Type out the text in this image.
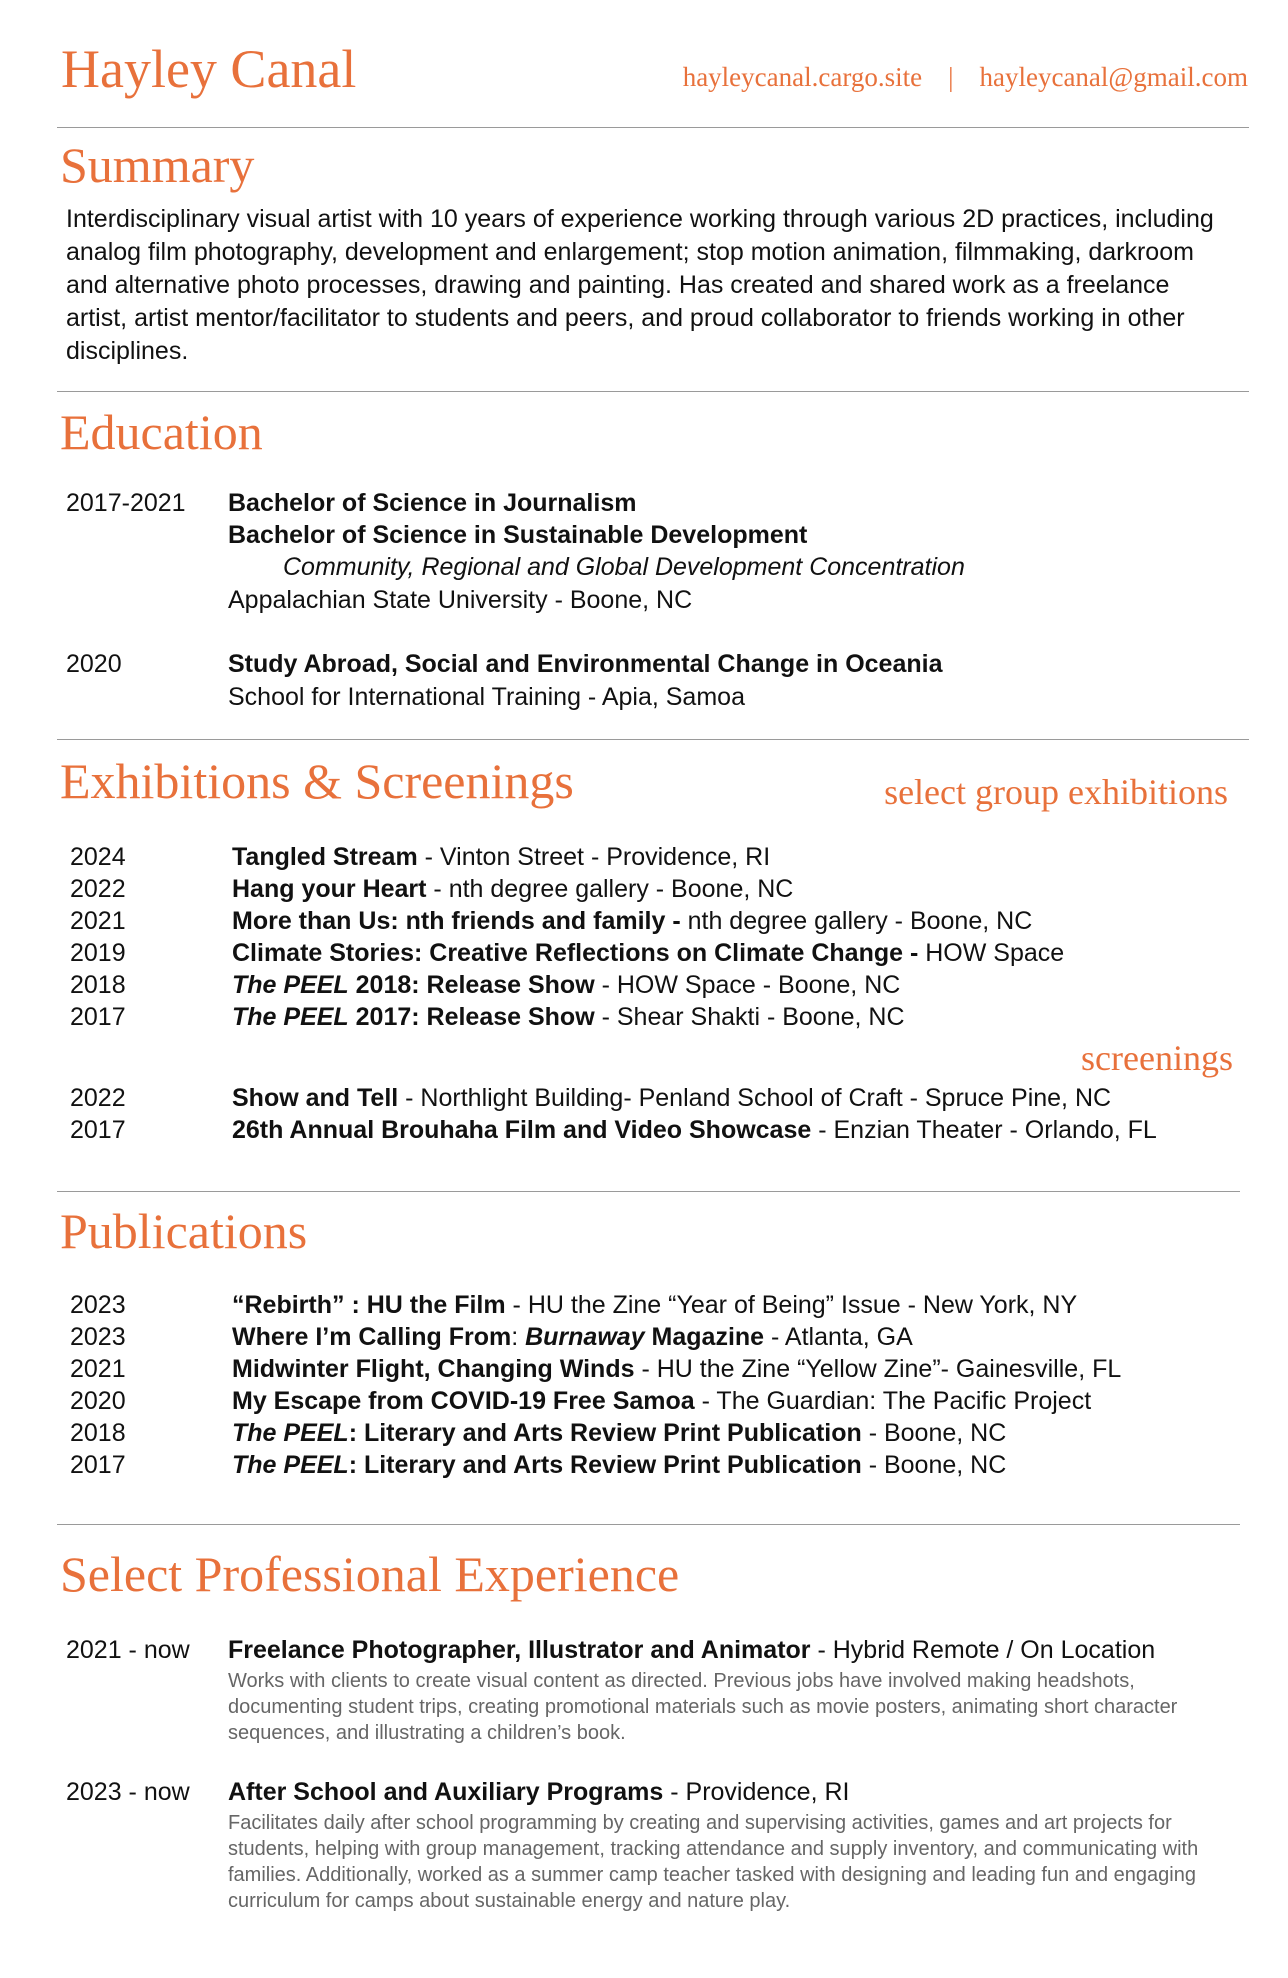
Hayley Canal	hayleycanal.cargo.site | hayleycanal@gmail.com
Summary
Interdisciplinary visual artist with 10 years of experience working through various 2D practices, including analog film photography, development and enlargement; stop motion animation, filmmaking, darkroom and alternative photo processes, drawing and painting. Has created and shared work as a freelance artist, artist mentor/facilitator to students and peers, and proud collaborator to friends working in other disciplines.
Education
2017-2021 Bachelor of Science in Journalism
Bachelor of Science in Sustainable Development
Community, Regional and Global Development Concentration
Appalachian State University - Boone, NC
2020	Study Abroad, Social and Environmental Change in Oceania
School for International Training - Apia, Samoa
Exhibitions & Screenings	select group exhibitions
2024	Tangled Stream - Vinton Street - Providence, RI
2022	Hang your Heart - nth degree gallery - Boone, NC
2021	More than Us: nth friends and family - nth degree gallery - Boone, NC
2019	Climate Stories: Creative Reflections on Climate Change - HOW Space
2018	The PEEL 2018: Release Show - HOW Space - Boone, NC
2017	The PEEL 2017: Release Show - Shear Shakti - Boone, NC
screenings
2022	Show and Tell - Northlight Building- Penland School of Craft - Spruce Pine, NC
2017	26th Annual Brouhaha Film and Video Showcase - Enzian Theater - Orlando, FL
Publications
2023	“Rebirth” : HU the Film - HU the Zine “Year of Being” Issue - New York, NY
2023	Where I’m Calling From: Burnaway Magazine - Atlanta, GA
2021	Midwinter Flight, Changing Winds - HU the Zine “Yellow Zine”- Gainesville, FL
2020	My Escape from COVID-19 Free Samoa - The Guardian: The Pacific Project
2018	The PEEL: Literary and Arts Review Print Publication - Boone, NC
2017	The PEEL: Literary and Arts Review Print Publication - Boone, NC
Select Professional Experience
2021 - now Freelance Photographer, Illustrator and Animator - Hybrid Remote / On Location
Works with clients to create visual content as directed. Previous jobs have involved making headshots, documenting student trips, creating promotional materials such as movie posters, animating short character sequences, and illustrating a children’s book.
2023 - now After School and Auxiliary Programs - Providence, RI
Facilitates daily after school programming by creating and supervising activities, games and art projects for students, helping with group management, tracking attendance and supply inventory, and communicating with families. Additionally, worked as a summer camp teacher tasked with designing and leading fun and engaging curriculum for camps about sustainable energy and nature play.
